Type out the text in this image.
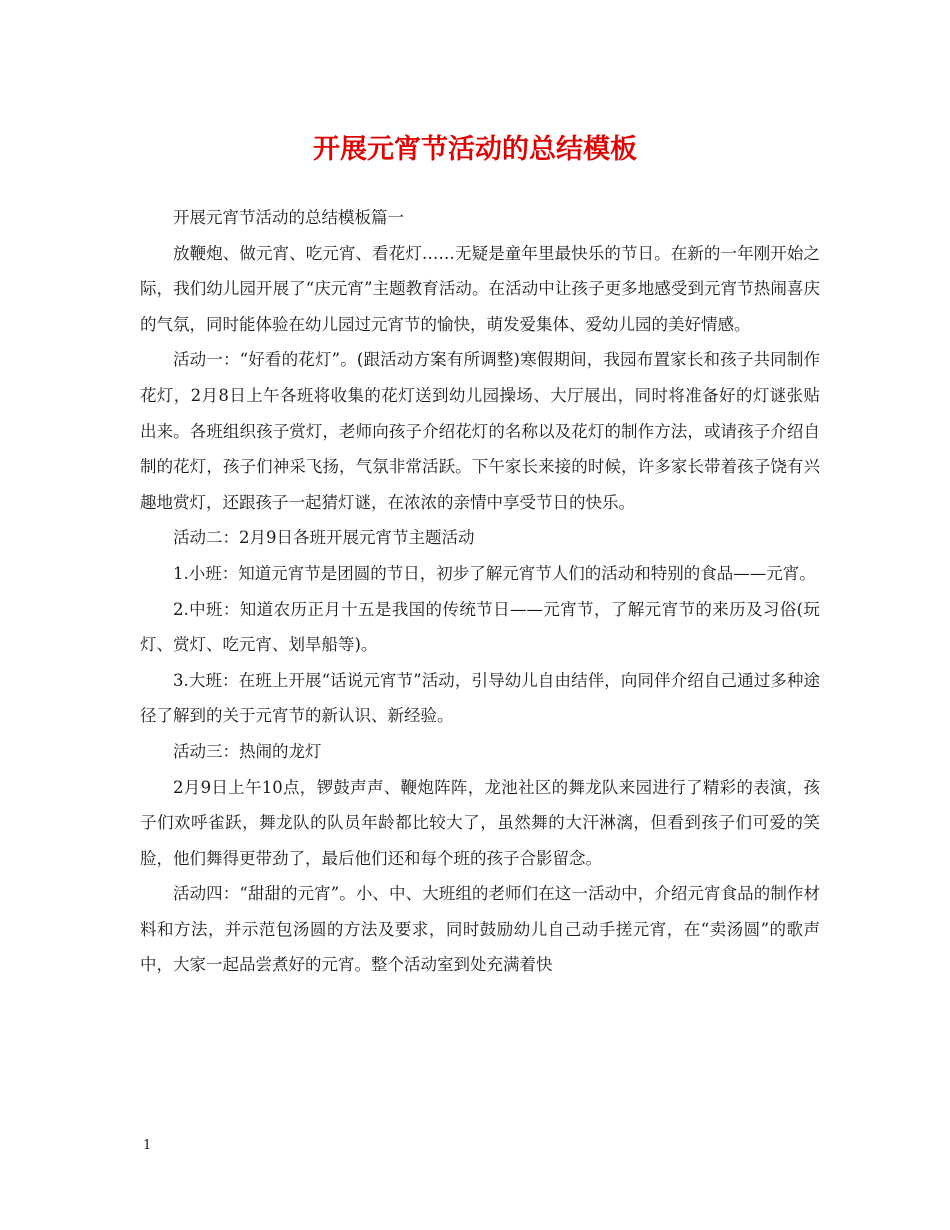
开展元宵节活动的总结模板

开展元宵节活动的总结模板篇一

放鞭炮、做元宵、吃元宵、看花灯……无疑是童年里最快乐的节日。在新的一年刚开始之际，我们幼儿园开展了“庆元宵”主题教育活动。在活动中让孩子更多地感受到元宵节热闹喜庆的气氛，同时能体验在幼儿园过元宵节的愉快，萌发爱集体、爱幼儿园的美好情感。

活动一：“好看的花灯”。(跟活动方案有所调整)寒假期间，我园布置家长和孩子共同制作花灯，2月8日上午各班将收集的花灯送到幼儿园操场、大厅展出，同时将准备好的灯谜张贴出来。各班组织孩子赏灯，老师向孩子介绍花灯的名称以及花灯的制作方法，或请孩子介绍自制的花灯，孩子们神采飞扬，气氛非常活跃。下午家长来接的时候，许多家长带着孩子饶有兴趣地赏灯，还跟孩子一起猜灯谜，在浓浓的亲情中享受节日的快乐。

活动二：2月9日各班开展元宵节主题活动

1.小班：知道元宵节是团圆的节日，初步了解元宵节人们的活动和特别的食品——元宵。

2.中班：知道农历正月十五是我国的传统节日——元宵节，了解元宵节的来历及习俗(玩灯、赏灯、吃元宵、划旱船等)。

3.大班：在班上开展“话说元宵节”活动，引导幼儿自由结伴，向同伴介绍自己通过多种途径了解到的关于元宵节的新认识、新经验。

活动三：热闹的龙灯

2月9日上午10点，锣鼓声声、鞭炮阵阵，龙池社区的舞龙队来园进行了精彩的表演，孩子们欢呼雀跃，舞龙队的队员年龄都比较大了，虽然舞的大汗淋漓，但看到孩子们可爱的笑脸，他们舞得更带劲了，最后他们还和每个班的孩子合影留念。

活动四：“甜甜的元宵”。小、中、大班组的老师们在这一活动中，介绍元宵食品的制作材料和方法，并示范包汤圆的方法及要求，同时鼓励幼儿自己动手搓元宵，在“卖汤圆”的歌声中，大家一起品尝煮好的元宵。整个活动室到处充满着快

1
